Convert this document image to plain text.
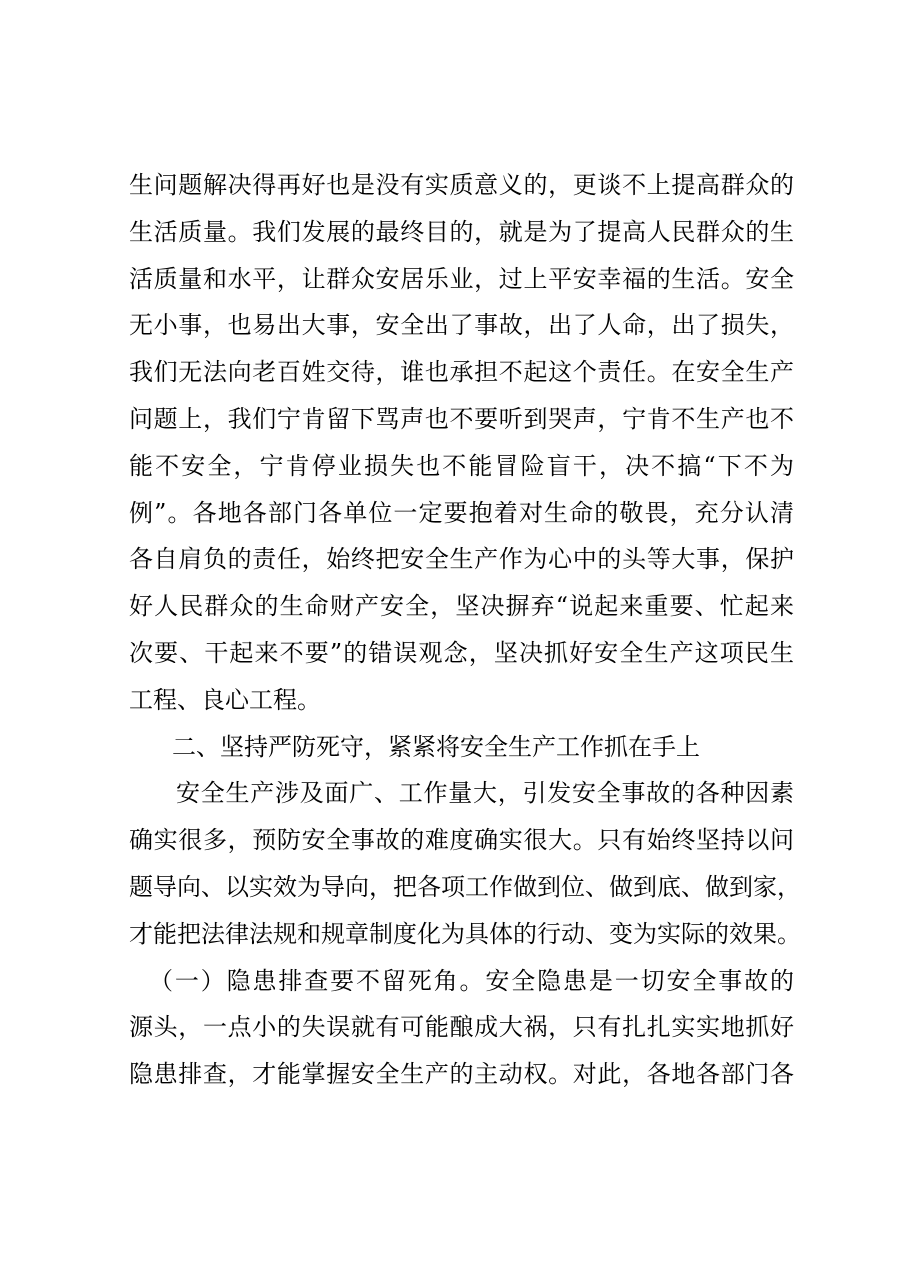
生问题解决得再好也是没有实质意义的，更谈不上提高群众的
生活质量。我们发展的最终目的，就是为了提高人民群众的生
活质量和水平，让群众安居乐业，过上平安幸福的生活。安全
无小事，也易出大事，安全出了事故，出了人命，出了损失，
我们无法向老百姓交待，谁也承担不起这个责任。在安全生产
问题上，我们宁肯留下骂声也不要听到哭声，宁肯不生产也不
能不安全，宁肯停业损失也不能冒险盲干，决不搞“下不为
例”。各地各部门各单位一定要抱着对生命的敬畏，充分认清
各自肩负的责任，始终把安全生产作为心中的头等大事，保护
好人民群众的生命财产安全，坚决摒弃“说起来重要、忙起来
次要、干起来不要”的错误观念，坚决抓好安全生产这项民生
工程、良心工程。
二、坚持严防死守，紧紧将安全生产工作抓在手上
安全生产涉及面广、工作量大，引发安全事故的各种因素
确实很多，预防安全事故的难度确实很大。只有始终坚持以问
题导向、以实效为导向，把各项工作做到位、做到底、做到家，
才能把法律法规和规章制度化为具体的行动、变为实际的效果。
（一）隐患排查要不留死角。安全隐患是一切安全事故的
源头，一点小的失误就有可能酿成大祸，只有扎扎实实地抓好
隐患排查，才能掌握安全生产的主动权。对此，各地各部门各
